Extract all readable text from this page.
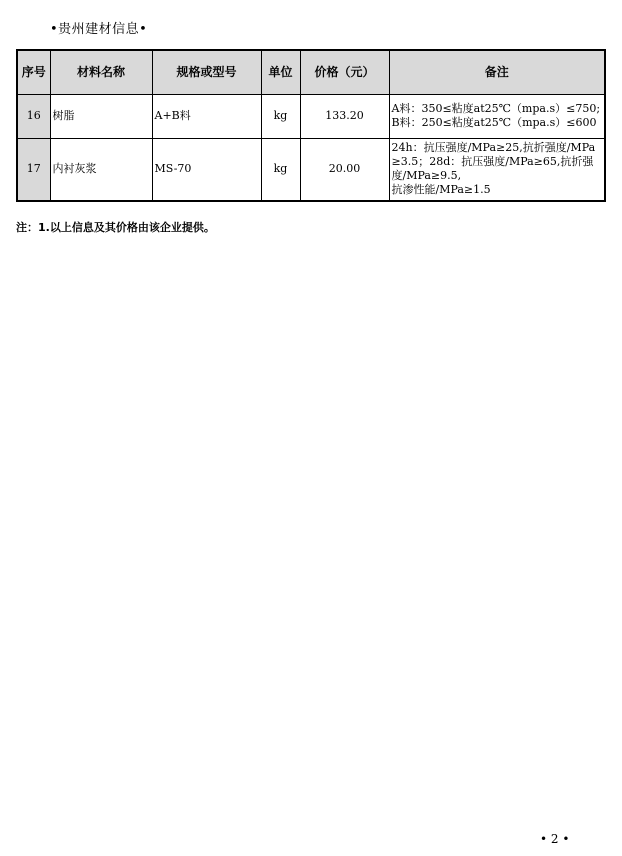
•贵州建材信息•
序号	材料名称	规格或型号	单位	价格（元）	备注
16	树脂	A+B料	kg	133.20	A料：350≤粘度at25℃（mpa.s）≤750;
B料：250≤粘度at25℃（mpa.s）≤600

17	内衬灰浆	MS-70	kg	20.00	24h：抗压强度/MPa≥25,抗折强度/MPa
≥3.5；28d：抗压强度/MPa≥65,抗折强
度/MPa≥9.5,
抗渗性能/MPa≥1.5
注：1.以上信息及其价格由该企业提供。
• 2 •
